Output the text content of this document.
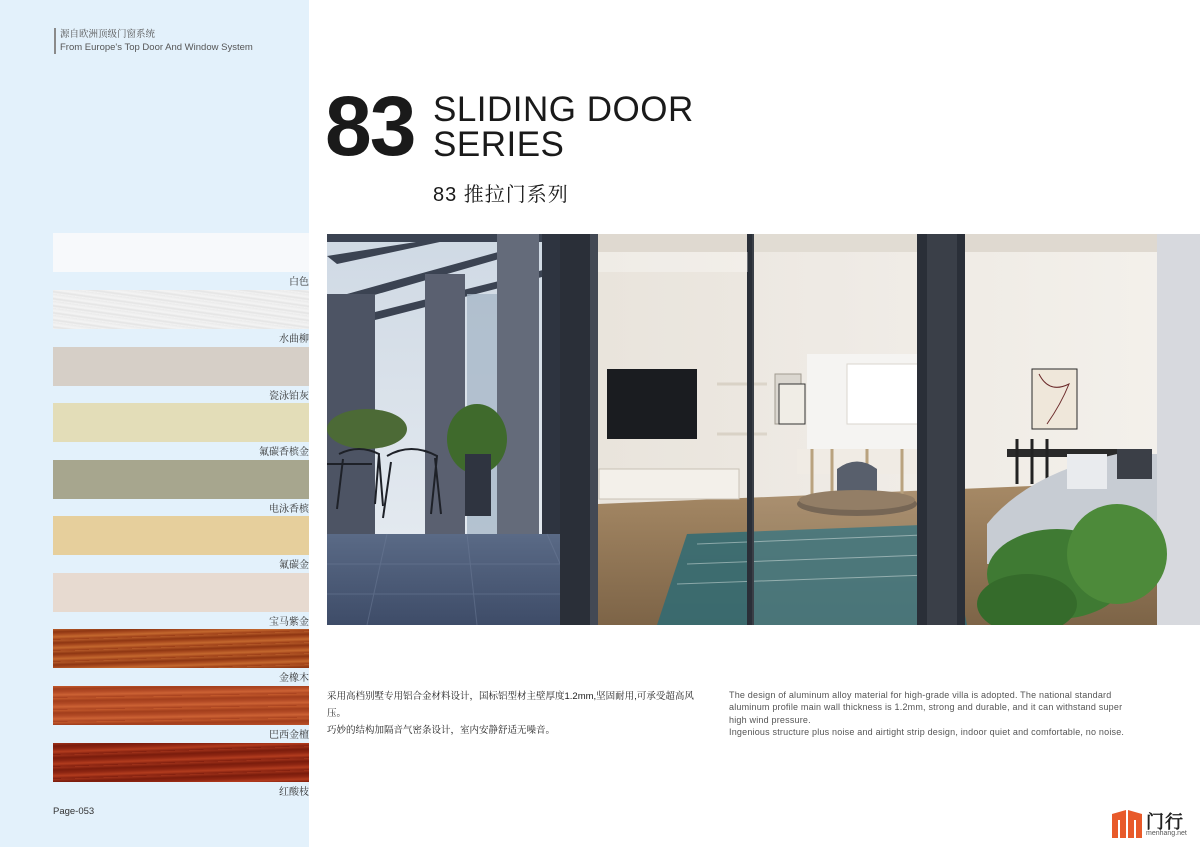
源自欧洲顶级门窗系统
From Europe's Top Door And Window System
白色
水曲柳
瓷泳铂灰
氟碳香槟金
电泳香槟
氟碳金
宝马紫金
金橡木
巴西金檀
红酸枝
Page-053
83 SLIDING DOOR
SERIES
83 推拉门系列

采用高档别墅专用铝合金材料设计，国标铝型材主壁厚度1.2mm,坚固耐用,可承受超高风压。

巧妙的结构加隔音气密条设计，室内安静舒适无噪音。

The design of aluminum alloy material for high-grade villa is adopted. The national standard aluminum profile main wall thickness is 1.2mm, strong and durable, and it can withstand super high wind pressure.

Ingenious structure plus noise and airtight strip design, indoor quiet and comfortable, no noise.

门行
menhang.net
